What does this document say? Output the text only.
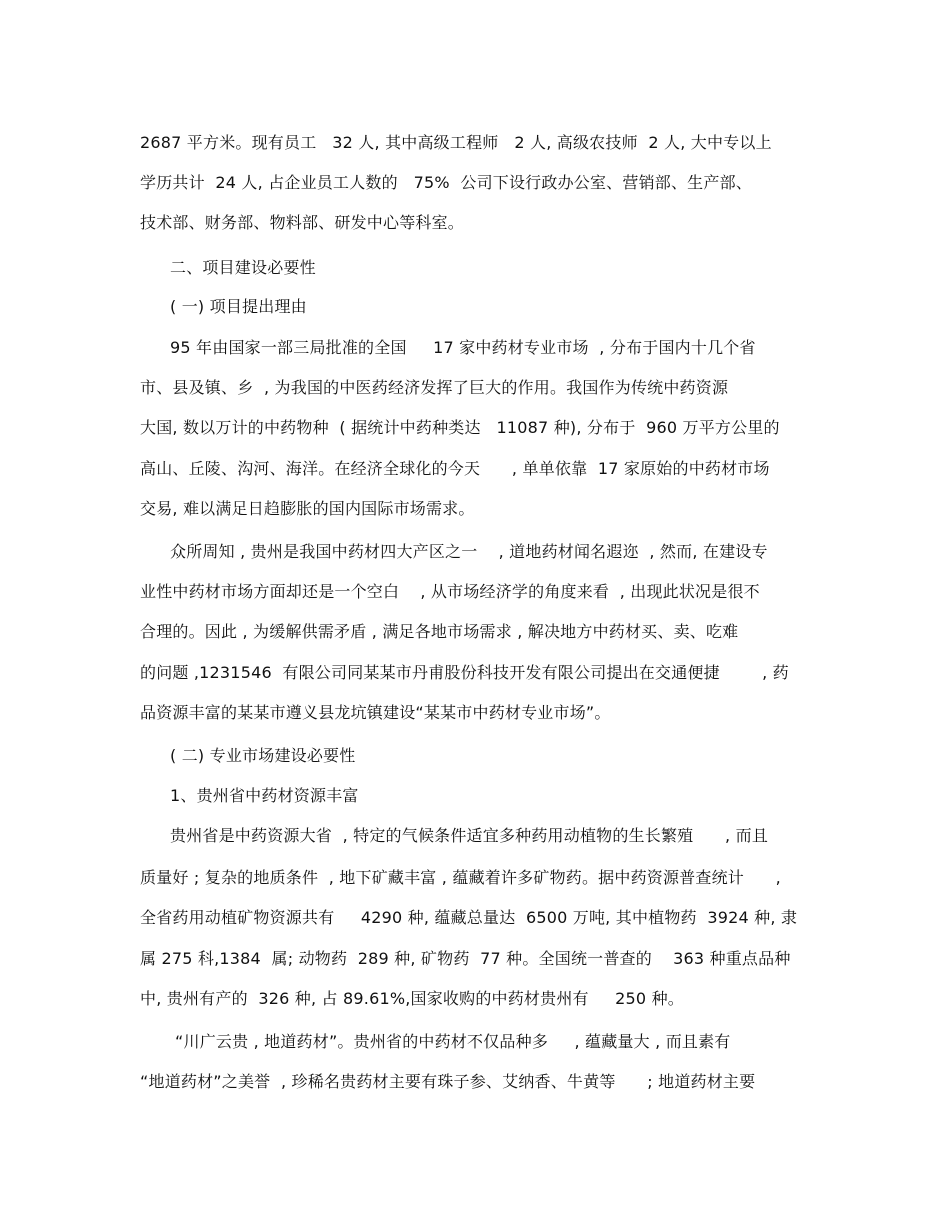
2687 平方米。现有员工   32 人, 其中高级工程师   2 人, 高级农技师  2 人, 大中专以上
学历共计  24 人, 占企业员工人数的   75%  公司下设行政办公室、营销部、生产部、
技术部、财务部、物料部、研发中心等科室。
二、项目建设必要性
( 一) 项目提出理由
95 年由国家一部三局批准的全国     17 家中药材专业市场  , 分布于国内十几个省
市、县及镇、乡  , 为我国的中医药经济发挥了巨大的作用。我国作为传统中药资源
大国, 数以万计的中药物种  ( 据统计中药种类达   11087 种), 分布于  960 万平方公里的
高山、丘陵、沟河、海洋。在经济全球化的今天      , 单单依靠  17 家原始的中药材市场
交易, 难以满足日趋膨胀的国内国际市场需求。
众所周知 , 贵州是我国中药材四大产区之一    , 道地药材闻名遐迩  , 然而, 在建设专
业性中药材市场方面却还是一个空白    , 从市场经济学的角度来看  , 出现此状况是很不
合理的。因此 , 为缓解供需矛盾 , 满足各地市场需求 , 解决地方中药材买、卖、吃难
的问题 ,1231546  有限公司同某某市丹甫股份科技开发有限公司提出在交通便捷        , 药
品资源丰富的某某市遵义县龙坑镇建设“某某市中药材专业市场”。
( 二) 专业市场建设必要性
1、贵州省中药材资源丰富
贵州省是中药资源大省  , 特定的气候条件适宜多种药用动植物的生长繁殖      , 而且
质量好 ; 复杂的地质条件  , 地下矿藏丰富 , 蕴藏着许多矿物药。据中药资源普查统计      ,
全省药用动植矿物资源共有     4290 种, 蕴藏总量达  6500 万吨, 其中植物药  3924 种, 隶
属 275 科,1384  属; 动物药  289 种, 矿物药  77 种。全国统一普查的    363 种重点品种
中, 贵州有产的  326 种, 占 89.61%,国家收购的中药材贵州有     250 种。
“川广云贵 , 地道药材”。贵州省的中药材不仅品种多     , 蕴藏量大 , 而且素有
“地道药材”之美誉  , 珍稀名贵药材主要有珠子参、艾纳香、牛黄等      ; 地道药材主要
